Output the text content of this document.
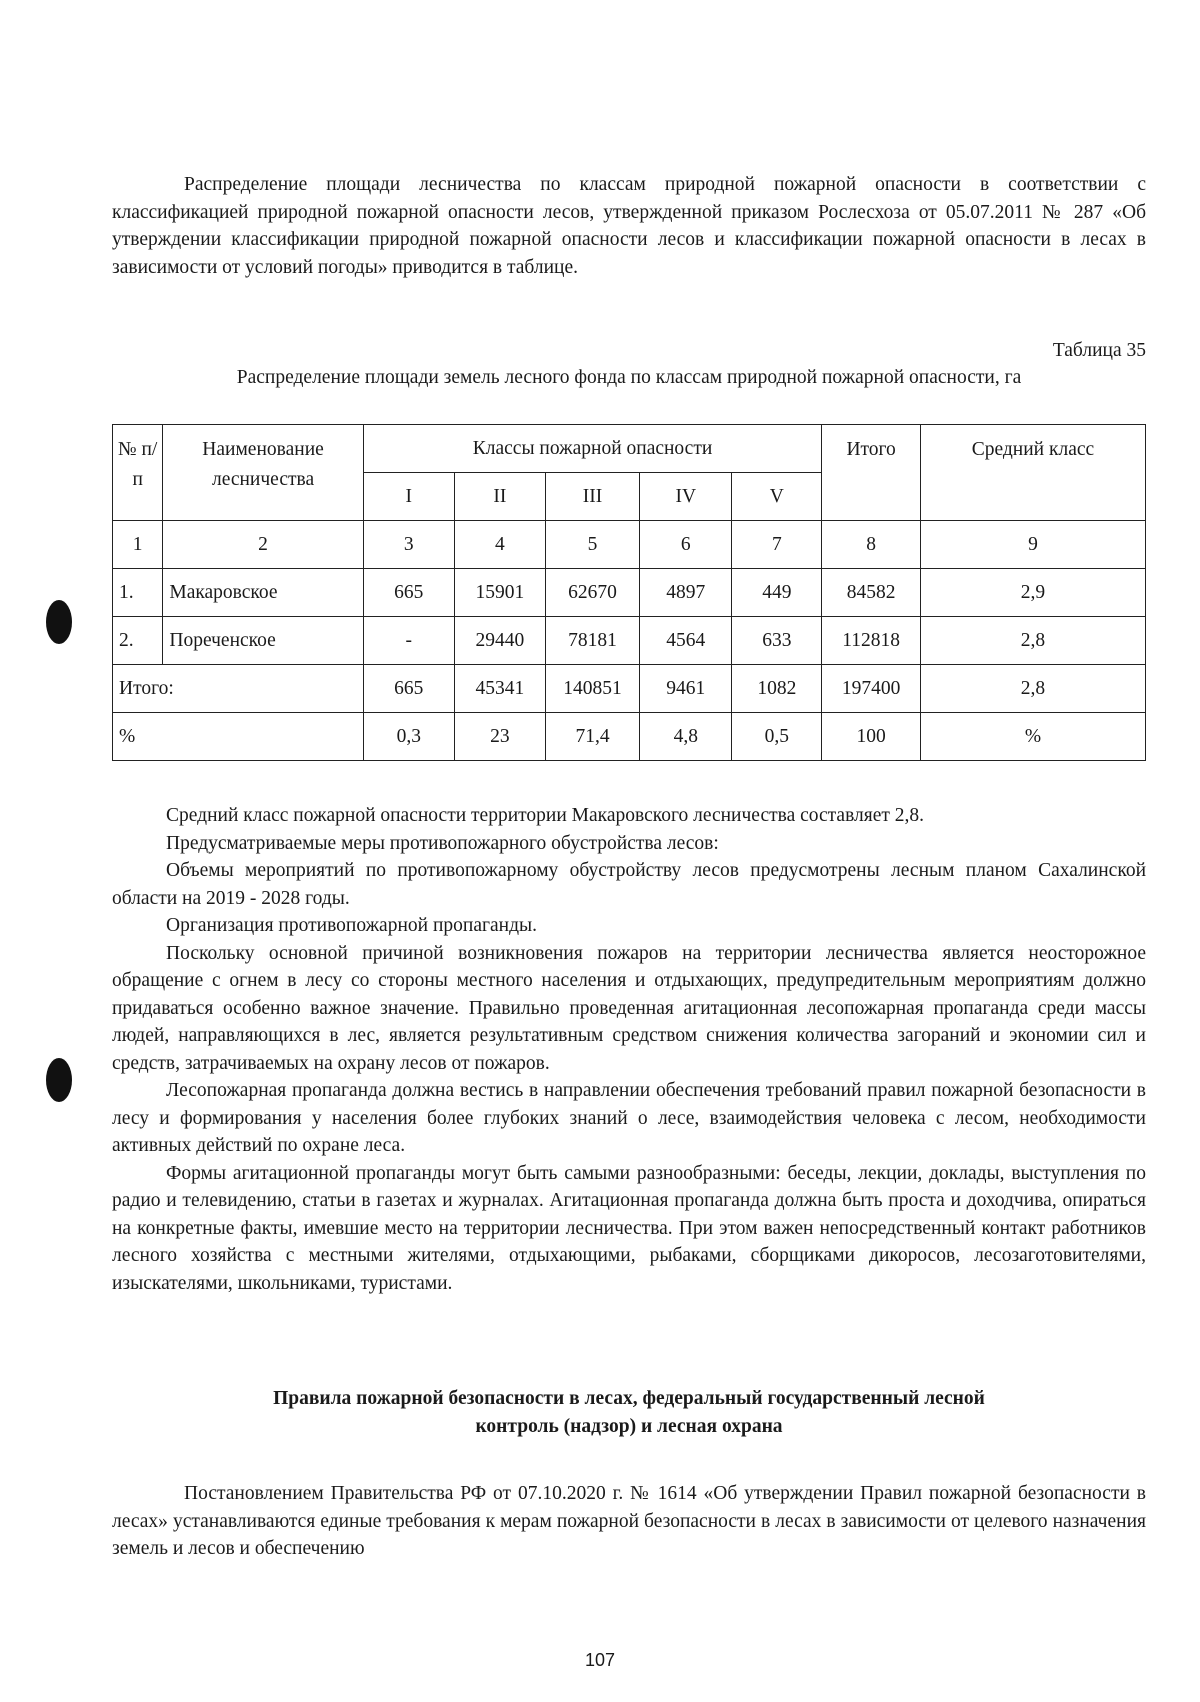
Распределение площади лесничества по классам природной пожарной опасности в соответствии с классификацией природной пожарной опасности лесов, утвержденной приказом Рослесхоза от 05.07.2011 № 287 «Об утверждении классификации природной пожарной опасности лесов и классификации пожарной опасности в лесах в зависимости от условий погоды» приводится в таблице.

Таблица 35
Распределение площади земель лесного фонда по классам природной пожарной опасности, га
№ п/п	Наименование лесничества	Классы пожарной опасности					Итого	Средний класс
		I	II	III	IV	V		
1	2	3	4	5	6	7	8	9
1.	Макаровское	665	15901	62670	4897	449	84582	2,9
2.	Пореченское	-	29440	78181	4564	633	112818	2,8
Итого:		665	45341	140851	9461	1082	197400	2,8
%		0,3	23	71,4	4,8	0,5	100	%

Средний класс пожарной опасности территории Макаровского лесничества составляет 2,8.

Предусматриваемые меры противопожарного обустройства лесов:

Объемы мероприятий по противопожарному обустройству лесов предусмотрены лесным планом Сахалинской области на 2019 - 2028 годы.

Организация противопожарной пропаганды.

Поскольку основной причиной возникновения пожаров на территории лесничества является неосторожное обращение с огнем в лесу со стороны местного населения и отдыхающих, предупредительным мероприятиям должно придаваться особенно важное значение. Правильно проведенная агитационная лесопожарная пропаганда среди массы людей, направляющихся в лес, является результативным средством снижения количества загораний и экономии сил и средств, затрачиваемых на охрану лесов от пожаров.

Лесопожарная пропаганда должна вестись в направлении обеспечения требований правил пожарной безопасности в лесу и формирования у населения более глубоких знаний о лесе, взаимодействия человека с лесом, необходимости активных действий по охране леса.

Формы агитационной пропаганды могут быть самыми разнообразными: беседы, лекции, доклады, выступления по радио и телевидению, статьи в газетах и журналах. Агитационная пропаганда должна быть проста и доходчива, опираться на конкретные факты, имевшие место на территории лесничества. При этом важен непосредственный контакт работников лесного хозяйства с местными жителями, отдыхающими, рыбаками, сборщиками дикоросов, лесозаготовителями, изыскателями, школьниками, туристами.

Правила пожарной безопасности в лесах, федеральный государственный лесной
контроль (надзор) и лесная охрана

Постановлением Правительства РФ от 07.10.2020 г. № 1614 «Об утверждении Правил пожарной безопасности в лесах» устанавливаются единые требования к мерам пожарной безопасности в лесах в зависимости от целевого назначения земель и лесов и обеспечению

107
